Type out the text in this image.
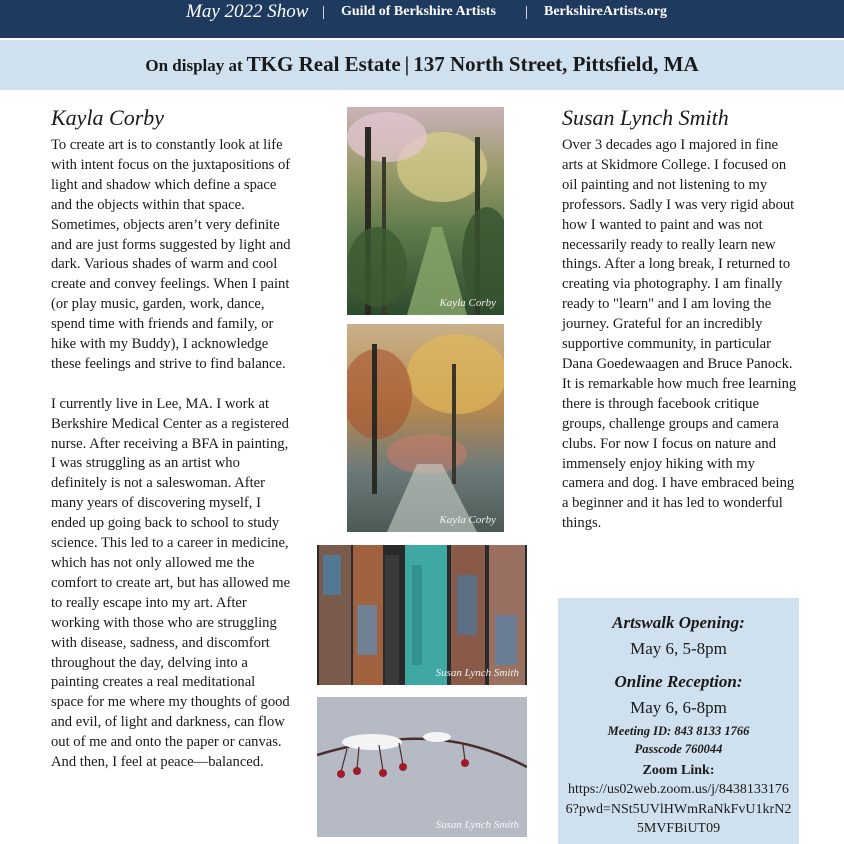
May 2022 Show | Guild of Berkshire Artists | BerkshireArtists.org
On display at TKG Real Estate | 137 North Street, Pittsfield, MA
Kayla Corby

To create art is to constantly look at life with intent focus on the juxtapositions of light and shadow which define a space and the objects within that space. Sometimes, objects aren’t very definite and are just forms suggested by light and dark. Various shades of warm and cool create and convey feelings. When I paint (or play music, garden, work, dance, spend time with friends and family, or hike with my Buddy), I acknowledge these feelings and strive to find balance.

I currently live in Lee, MA. I work at Berkshire Medical Center as a registered nurse. After receiving a BFA in painting, I was struggling as an artist who definitely is not a saleswoman. After many years of discovering myself, I ended up going back to school to study science. This led to a career in medicine, which has not only allowed me the comfort to create art, but has allowed me to really escape into my art. After working with those who are struggling with disease, sadness, and discomfort throughout the day, delving into a painting creates a real meditational space for me where my thoughts of good and evil, of light and darkness, can flow out of me and onto the paper or canvas. And then, I feel at peace—balanced.

Susan Lynch Smith

Over 3 decades ago I majored in fine arts at Skidmore College. I focused on oil painting and not listening to my professors. Sadly I was very rigid about how I wanted to paint and was not necessarily ready to really learn new things. After a long break, I returned to creating via photography. I am finally ready to "learn" and I am loving the journey. Grateful for an incredibly supportive community, in particular Dana Goedewaagen and Bruce Panock. It is remarkable how much free learning there is through facebook critique groups, challenge groups and camera clubs. For now I focus on nature and immensely enjoy hiking with my camera and dog. I have embraced being a beginner and it has led to wonderful things.

Kayla Corby
Kayla Corby
Susan Lynch Smith
Susan Lynch Smith
Artswalk Opening:
May 6, 5-8pm
Online Reception:
May 6, 6-8pm
Meeting ID: 843 8133 1766
Passcode 760044
Zoom Link:
https://us02web.zoom.us/j/84381331766?pwd=NSt5UVlHWmRaNkFvU1krN25MVFBiUT09
